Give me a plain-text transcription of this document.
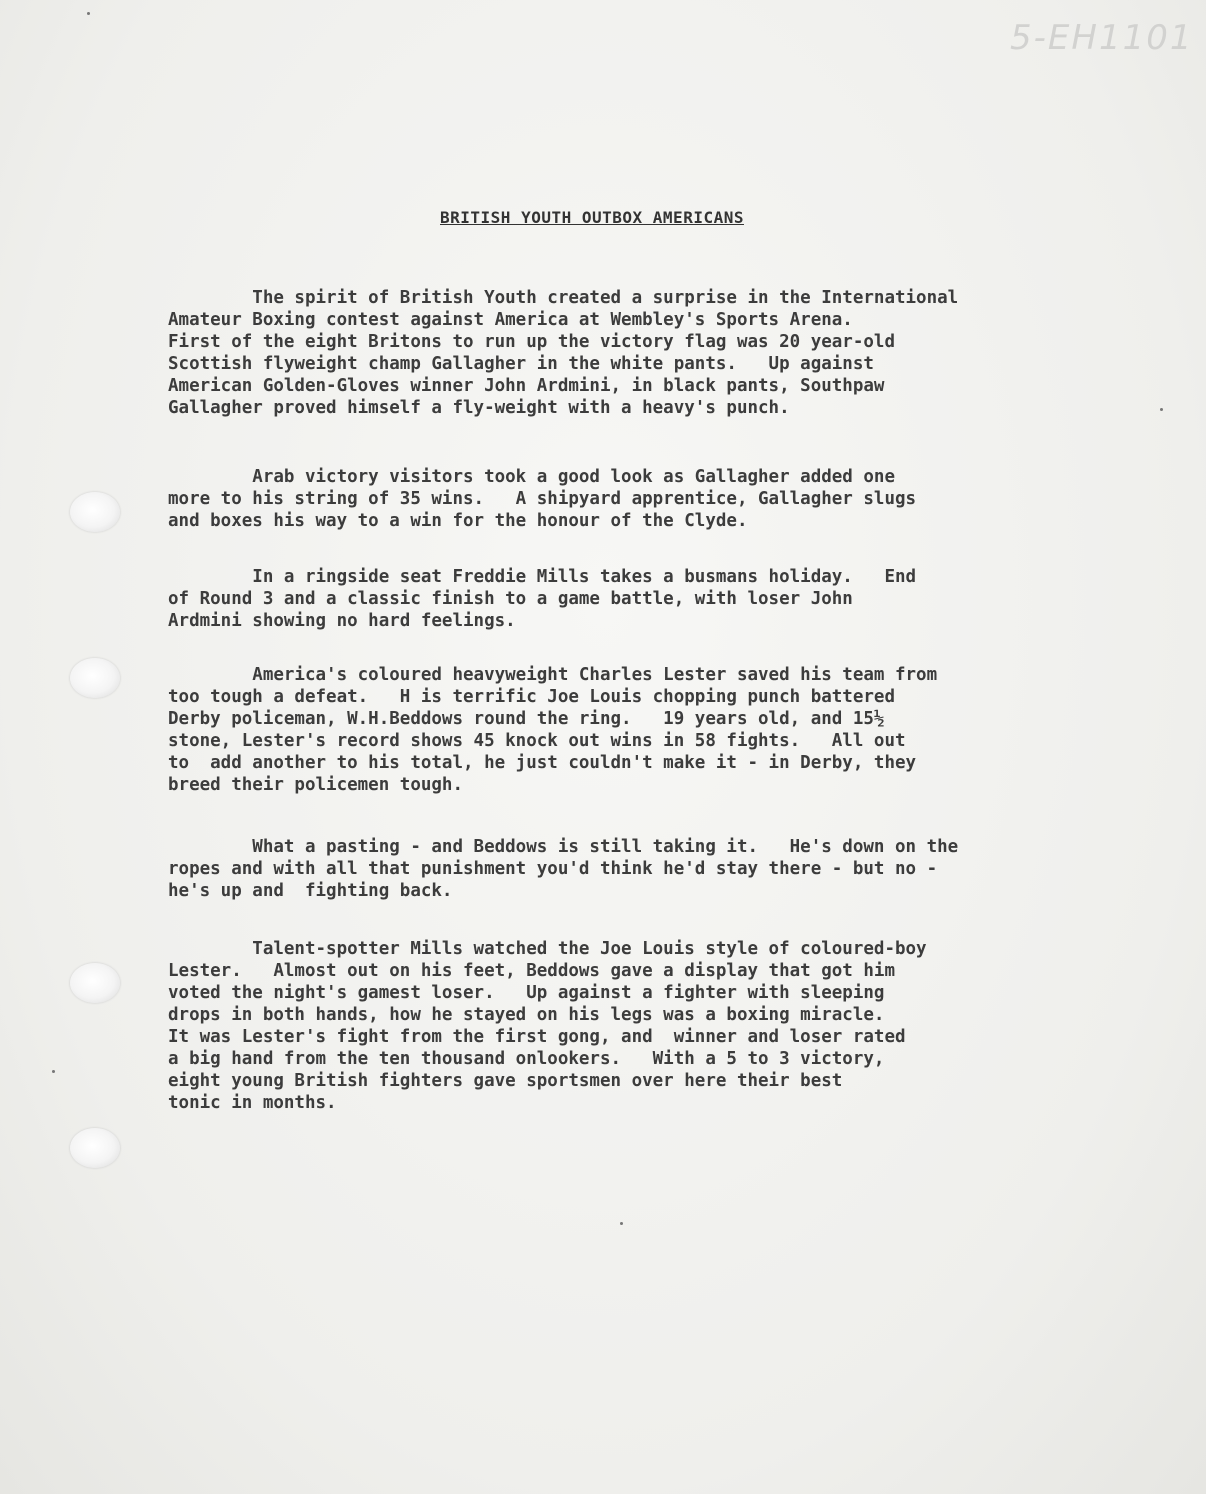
5-EH1101
BRITISH YOUTH OUTBOX AMERICANS
The spirit of British Youth created a surprise in the International
Amateur Boxing contest against America at Wembley's Sports Arena.
First of the eight Britons to run up the victory flag was 20 year-old
Scottish flyweight champ Gallagher in the white pants.   Up against
American Golden-Gloves winner John Ardmini, in black pants, Southpaw
Gallagher proved himself a fly-weight with a heavy's punch.
Arab victory visitors took a good look as Gallagher added one
more to his string of 35 wins.   A shipyard apprentice, Gallagher slugs
and boxes his way to a win for the honour of the Clyde.
In a ringside seat Freddie Mills takes a busmans holiday.   End
of Round 3 and a classic finish to a game battle, with loser John
Ardmini showing no hard feelings.
America's coloured heavyweight Charles Lester saved his team from
too tough a defeat.   H is terrific Joe Louis chopping punch battered
Derby policeman, W.H.Beddows round the ring.   19 years old, and 15½
stone, Lester's record shows 45 knock out wins in 58 fights.   All out
to  add another to his total, he just couldn't make it - in Derby, they
breed their policemen tough.
What a pasting - and Beddows is still taking it.   He's down on the
ropes and with all that punishment you'd think he'd stay there - but no -
he's up and  fighting back.
Talent-spotter Mills watched the Joe Louis style of coloured-boy
Lester.   Almost out on his feet, Beddows gave a display that got him
voted the night's gamest loser.   Up against a fighter with sleeping
drops in both hands, how he stayed on his legs was a boxing miracle.
It was Lester's fight from the first gong, and  winner and loser rated
a big hand from the ten thousand onlookers.   With a 5 to 3 victory,
eight young British fighters gave sportsmen over here their best
tonic in months.
